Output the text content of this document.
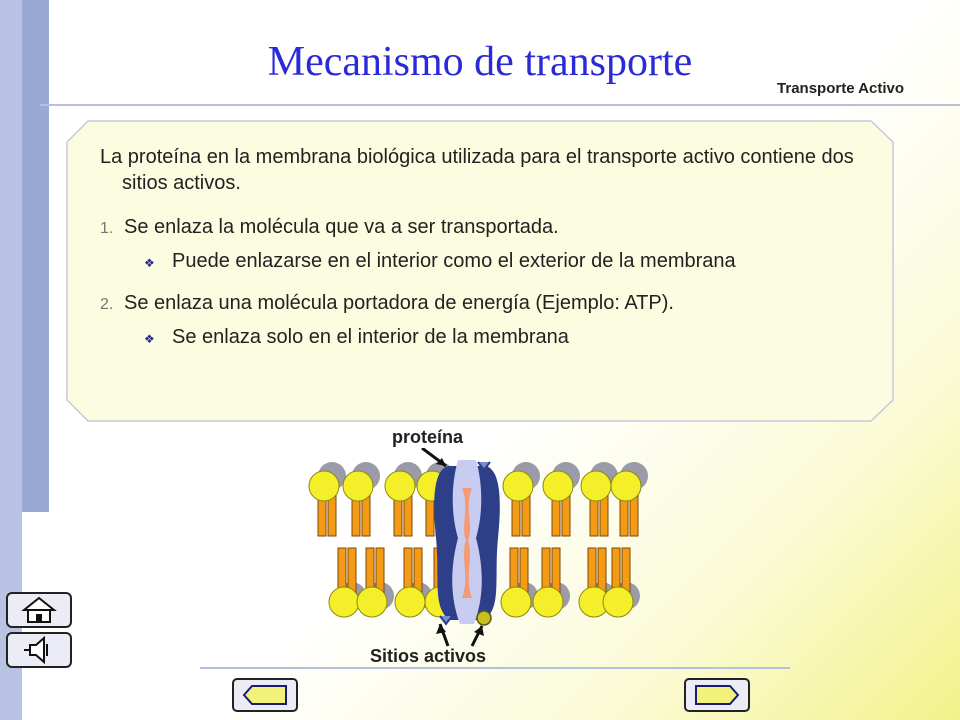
Mecanismo de transporte
Transporte Activo
La proteína en la membrana biológica utilizada para el transporte activo contiene dos sitios activos.
1. Se enlaza la molécula que va a ser transportada.
❖ Puede enlazarse en el interior como el exterior de la membrana
2. Se enlaza una molécula portadora de energía (Ejemplo: ATP).
❖ Se enlaza solo en el interior de la membrana
proteína
Sitios activos
